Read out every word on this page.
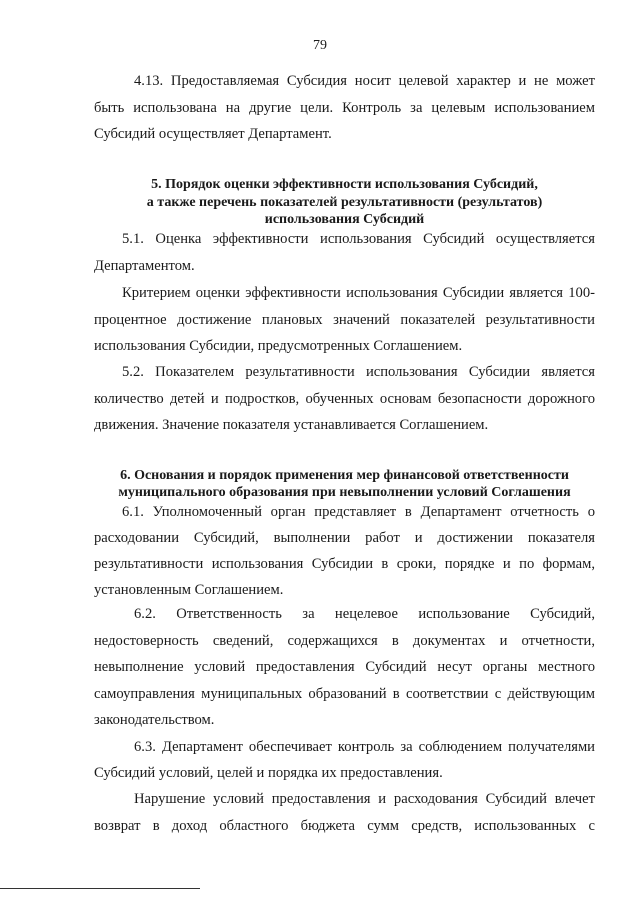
79
4.13. Предоставляемая Субсидия носит целевой характер и не может
быть использована на другие цели. Контроль за целевым использованием
Субсидий осуществляет Департамент.
5. Порядок оценки эффективности использования Субсидий,
а также перечень показателей результативности (результатов)
использования Субсидий
5.1. Оценка эффективности использования Субсидий осуществляется
Департаментом.
Критерием оценки эффективности использования Субсидии является 100-
процентное достижение плановых значений показателей результативности
использования Субсидии, предусмотренных Соглашением.
5.2. Показателем результативности использования Субсидии является
количество детей и подростков, обученных основам безопасности дорожного
движения. Значение показателя устанавливается Соглашением.
6. Основания и порядок применения мер финансовой ответственности
муниципального образования при невыполнении условий Соглашения
6.1. Уполномоченный орган представляет в Департамент отчетность о
расходовании Субсидий, выполнении работ и достижении показателя
результативности использования Субсидии в сроки, порядке и по формам,
установленным Соглашением.
6.2. Ответственность за нецелевое использование Субсидий,
недостоверность сведений, содержащихся в документах и отчетности,
невыполнение условий предоставления Субсидий несут органы местного
самоуправления муниципальных образований в соответствии с действующим
законодательством.
6.3. Департамент обеспечивает контроль за соблюдением получателями
Субсидий условий, целей и порядка их предоставления.
Нарушение условий предоставления и расходования Субсидий влечет
возврат в доход областного бюджета сумм средств, использованных с
